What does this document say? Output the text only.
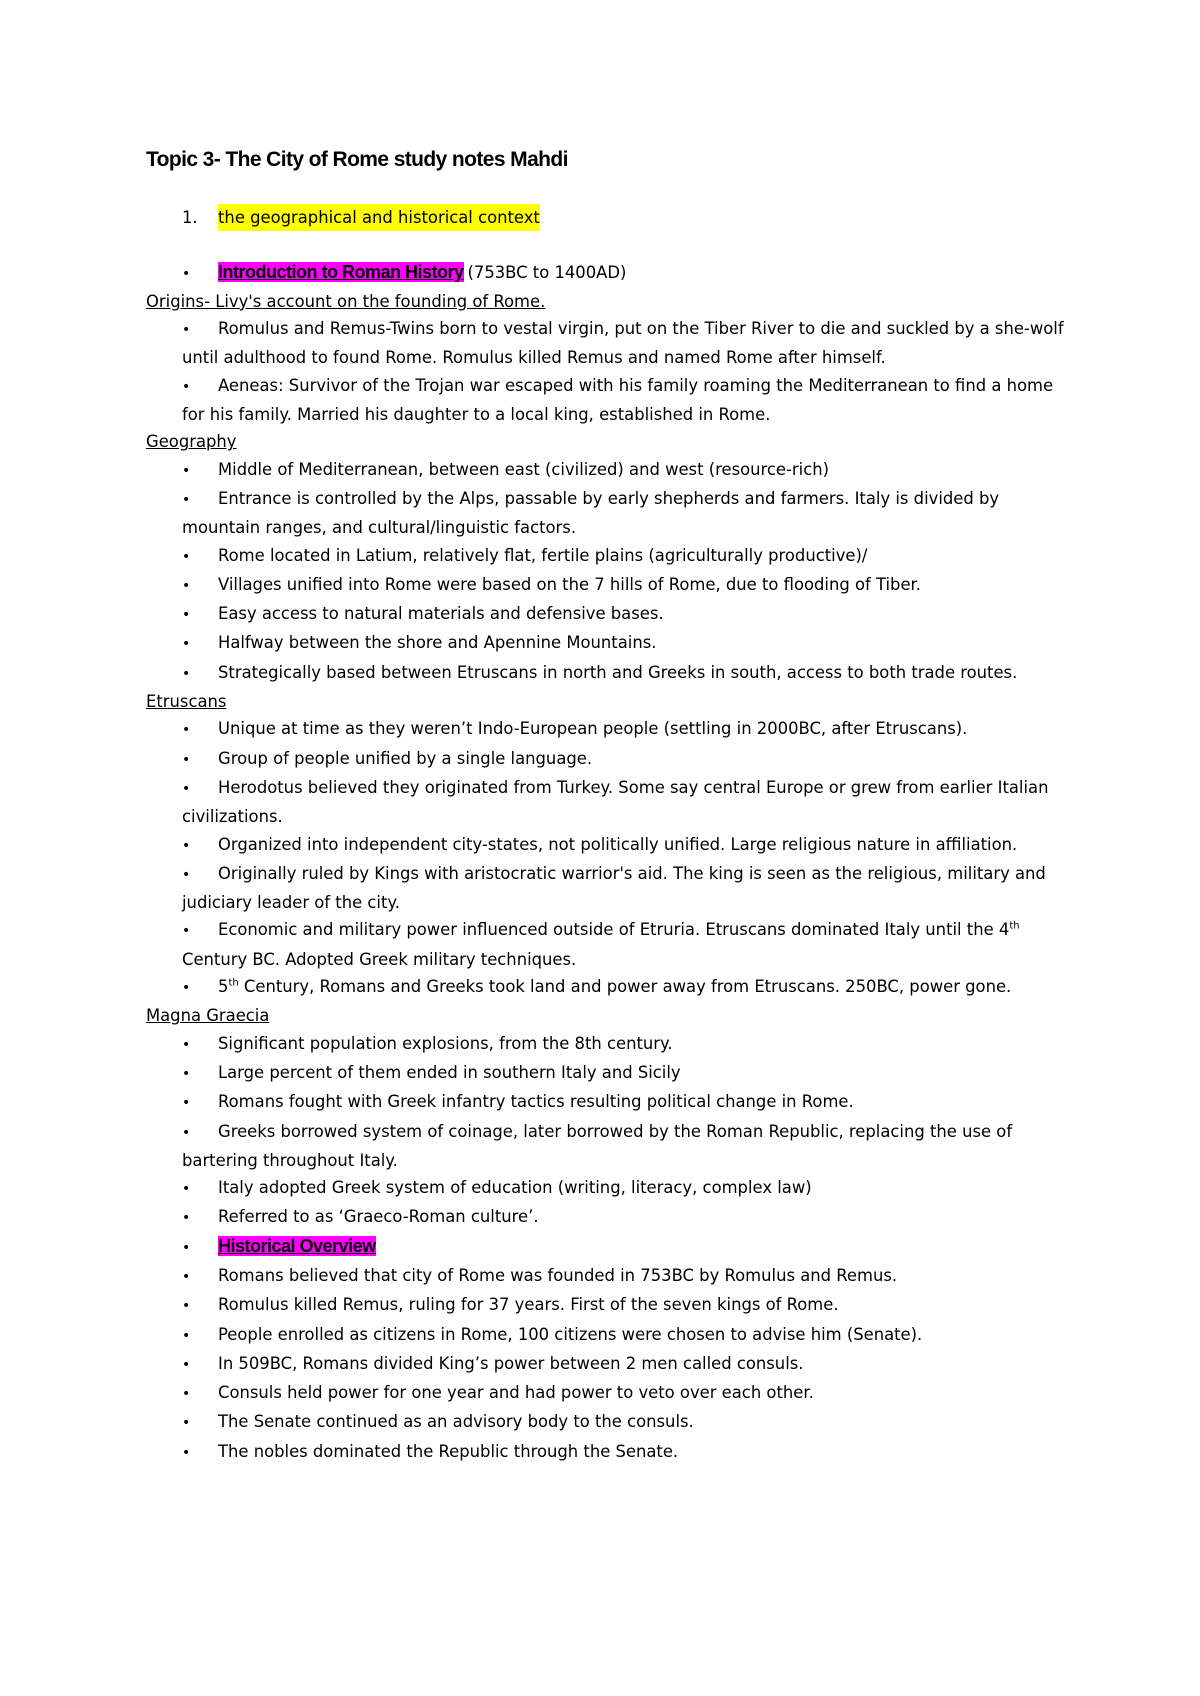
Topic 3- The City of Rome study notes Mahdi
1.	the geographical and historical context
• Introduction to Roman History (753BC to 1400AD)
Origins- Livy's account on the founding of Rome.
• Romulus and Remus-Twins born to vestal virgin, put on the Tiber River to die and suckled by a she-wolf until adulthood to found Rome. Romulus killed Remus and named Rome after himself.
• Aeneas: Survivor of the Trojan war escaped with his family roaming the Mediterranean to find a home for his family. Married his daughter to a local king, established in Rome.
Geography
• Middle of Mediterranean, between east (civilized) and west (resource-rich)
• Entrance is controlled by the Alps, passable by early shepherds and farmers. Italy is divided by mountain ranges, and cultural/linguistic factors.
• Rome located in Latium, relatively flat, fertile plains (agriculturally productive)/
• Villages unified into Rome were based on the 7 hills of Rome, due to flooding of Tiber.
• Easy access to natural materials and defensive bases.
• Halfway between the shore and Apennine Mountains.
• Strategically based between Etruscans in north and Greeks in south, access to both trade routes.
Etruscans
• Unique at time as they weren’t Indo-European people (settling in 2000BC, after Etruscans).
• Group of people unified by a single language.
• Herodotus believed they originated from Turkey. Some say central Europe or grew from earlier Italian civilizations.
• Organized into independent city-states, not politically unified. Large religious nature in affiliation.
• Originally ruled by Kings with aristocratic warrior's aid. The king is seen as the religious, military and judiciary leader of the city.
• Economic and military power influenced outside of Etruria. Etruscans dominated Italy until the 4th Century BC. Adopted Greek military techniques.
• 5th Century, Romans and Greeks took land and power away from Etruscans. 250BC, power gone.
Magna Graecia
• Significant population explosions, from the 8th century.
• Large percent of them ended in southern Italy and Sicily
• Romans fought with Greek infantry tactics resulting political change in Rome.
• Greeks borrowed system of coinage, later borrowed by the Roman Republic, replacing the use of bartering throughout Italy.
• Italy adopted Greek system of education (writing, literacy, complex law)
• Referred to as ‘Graeco-Roman culture’.
• Historical Overview
• Romans believed that city of Rome was founded in 753BC by Romulus and Remus.
• Romulus killed Remus, ruling for 37 years. First of the seven kings of Rome.
• People enrolled as citizens in Rome, 100 citizens were chosen to advise him (Senate).
• In 509BC, Romans divided King’s power between 2 men called consuls.
• Consuls held power for one year and had power to veto over each other.
• The Senate continued as an advisory body to the consuls.
• The nobles dominated the Republic through the Senate.
